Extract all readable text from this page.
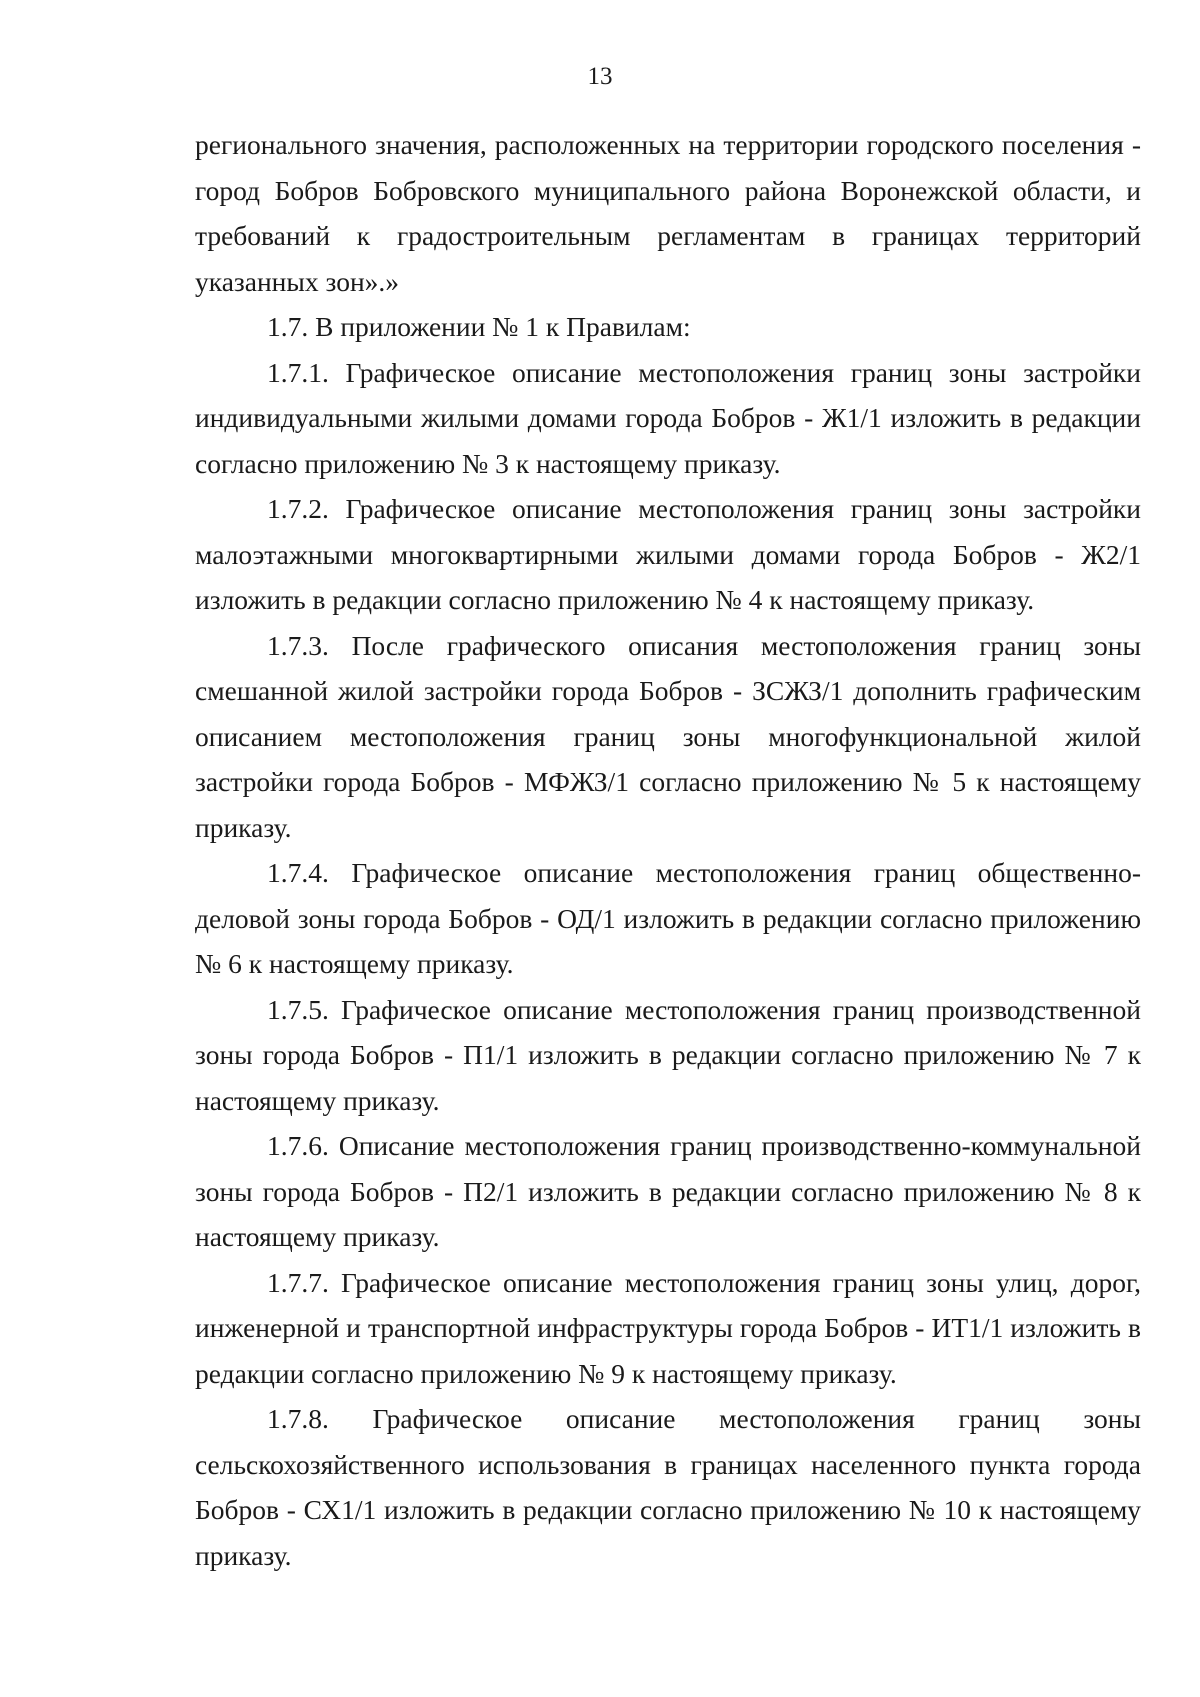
13

регионального значения, расположенных на территории городского поселения - город Бобров Бобровского муниципального района Воронежской области, и требований к градостроительным регламентам в границах территорий указанных зон».»

1.7. В приложении № 1 к Правилам:

1.7.1. Графическое описание местоположения границ зоны застройки индивидуальными жилыми домами города Бобров - Ж1/1 изложить в редакции согласно приложению № 3 к настоящему приказу.

1.7.2. Графическое описание местоположения границ зоны застройки малоэтажными многоквартирными жилыми домами города Бобров - Ж2/1 изложить в редакции согласно приложению № 4 к настоящему приказу.

1.7.3. После графического описания местоположения границ зоны смешанной жилой застройки города Бобров - ЗСЖЗ/1 дополнить графическим описанием местоположения границ зоны многофункциональной жилой застройки города Бобров - МФЖЗ/1 согласно приложению № 5 к настоящему приказу.

1.7.4. Графическое описание местоположения границ общественно-деловой зоны города Бобров - ОД/1 изложить в редакции согласно приложению № 6 к настоящему приказу.

1.7.5. Графическое описание местоположения границ производственной зоны города Бобров - П1/1 изложить в редакции согласно приложению № 7 к настоящему приказу.

1.7.6. Описание местоположения границ производственно-коммунальной зоны города Бобров - П2/1 изложить в редакции согласно приложению № 8 к настоящему приказу.

1.7.7. Графическое описание местоположения границ зоны улиц, дорог, инженерной и транспортной инфраструктуры города Бобров - ИТ1/1 изложить в редакции согласно приложению № 9 к настоящему приказу.

1.7.8. Графическое описание местоположения границ зоны сельскохозяйственного использования в границах населенного пункта города Бобров - СХ1/1 изложить в редакции согласно приложению № 10 к настоящему приказу.
